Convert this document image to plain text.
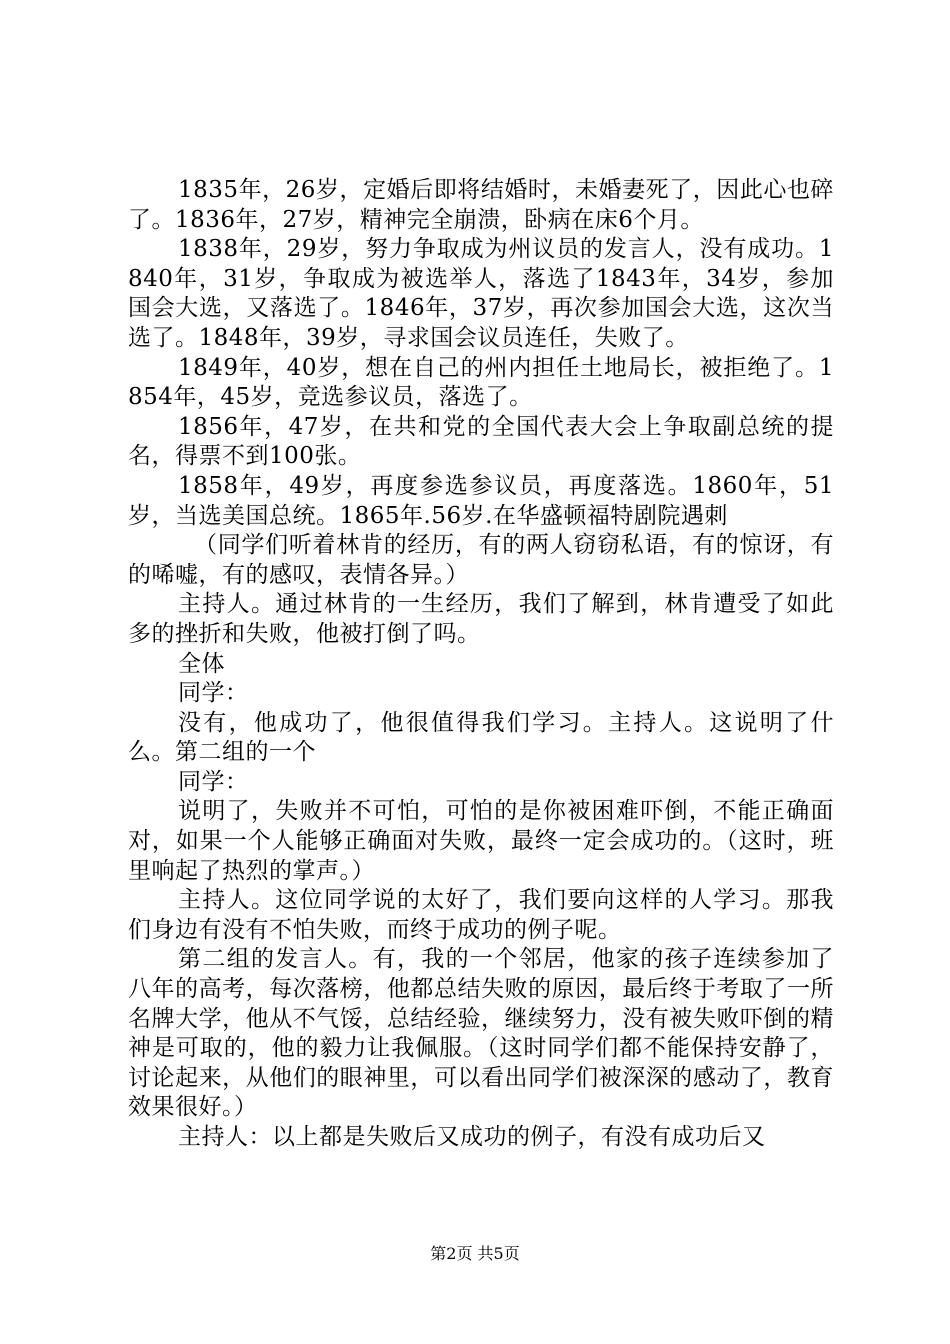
1835年，26岁，定婚后即将结婚时，未婚妻死了，因此心也碎了。1836年，27岁，精神完全崩溃，卧病在床6个月。

1838年，29岁，努力争取成为州议员的发言人，没有成功。1840年，31岁，争取成为被选举人，落选了1843年，34岁，参加国会大选，又落选了。1846年，37岁，再次参加国会大选，这次当选了。1848年，39岁，寻求国会议员连任，失败了。

1849年，40岁，想在自己的州内担任土地局长，被拒绝了。1854年，45岁，竞选参议员，落选了。

1856年，47岁，在共和党的全国代表大会上争取副总统的提名，得票不到100张。

1858年，49岁，再度参选参议员，再度落选。1860年，51岁，当选美国总统。1865年.56岁.在华盛顿福特剧院遇刺

（同学们听着林肯的经历，有的两人窃窃私语，有的惊讶，有的唏嘘，有的感叹，表情各异。）

主持人。通过林肯的一生经历，我们了解到，林肯遭受了如此多的挫折和失败，他被打倒了吗。

全体

同学：

没有，他成功了，他很值得我们学习。主持人。这说明了什么。第二组的一个

同学：

说明了，失败并不可怕，可怕的是你被困难吓倒，不能正确面对，如果一个人能够正确面对失败，最终一定会成功的。（这时，班里响起了热烈的掌声。）

主持人。这位同学说的太好了，我们要向这样的人学习。那我们身边有没有不怕失败，而终于成功的例子呢。

第二组的发言人。有，我的一个邻居，他家的孩子连续参加了八年的高考，每次落榜，他都总结失败的原因，最后终于考取了一所名牌大学，他从不气馁，总结经验，继续努力，没有被失败吓倒的精神是可取的，他的毅力让我佩服。（这时同学们都不能保持安静了，讨论起来，从他们的眼神里，可以看出同学们被深深的感动了，教育效果很好。）

主持人：以上都是失败后又成功的例子，有没有成功后又

第2页 共5页
